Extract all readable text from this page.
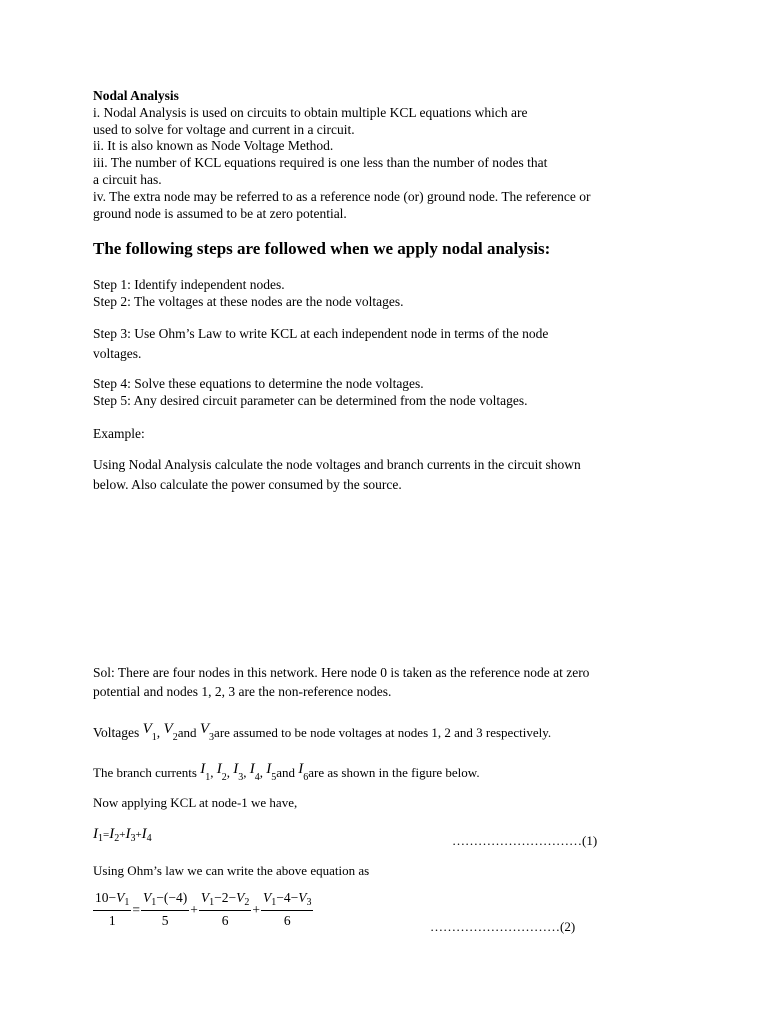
Nodal Analysis

i. Nodal Analysis is used on circuits to obtain multiple KCL equations which are

used to solve for voltage and current in a circuit.

ii. It is also known as Node Voltage Method.

iii. The number of KCL equations required is one less than the number of nodes that

a circuit has.

iv. The extra node may be referred to as a reference node (or) ground node. The reference or

ground node is assumed to be at zero potential.

The following steps are followed when we apply nodal analysis:

Step 1: Identify independent nodes.

Step 2: The voltages at these nodes are the node voltages.

Step 3: Use Ohm’s Law to write KCL at each independent node in terms of the node

voltages.

Step 4: Solve these equations to determine the node voltages.

Step 5: Any desired circuit parameter can be determined from the node voltages.

Example:

Using Nodal Analysis calculate the node voltages and branch currents in the circuit shown

below. Also calculate the power consumed by the source.

Sol: There are four nodes in this network. Here node 0 is taken as the reference node at zero

potential and nodes 1, 2, 3 are the non-reference nodes.

Voltages $V_1$, $V_2and$ $V_3are$ assumed to be node voltages at nodes 1, 2 and 3 respectively.
The branch currents $I_1$, $I_2$, $I_3$, $I_4$, $I_5and$ $I_6are$ as shown in the figure below.

Now applying KCL at node-1 we have,

$I_1=I_2+I_3+I_4$	…………………………(1)

Using Ohm’s law we can write the above equation as

$\frac{10-V_1}{1} = \frac{V_1-(-4)}{5} + \frac{V_1-2-V_2}{6} + \frac{V_1-4-V_3}{6}$	…………………………(2)
